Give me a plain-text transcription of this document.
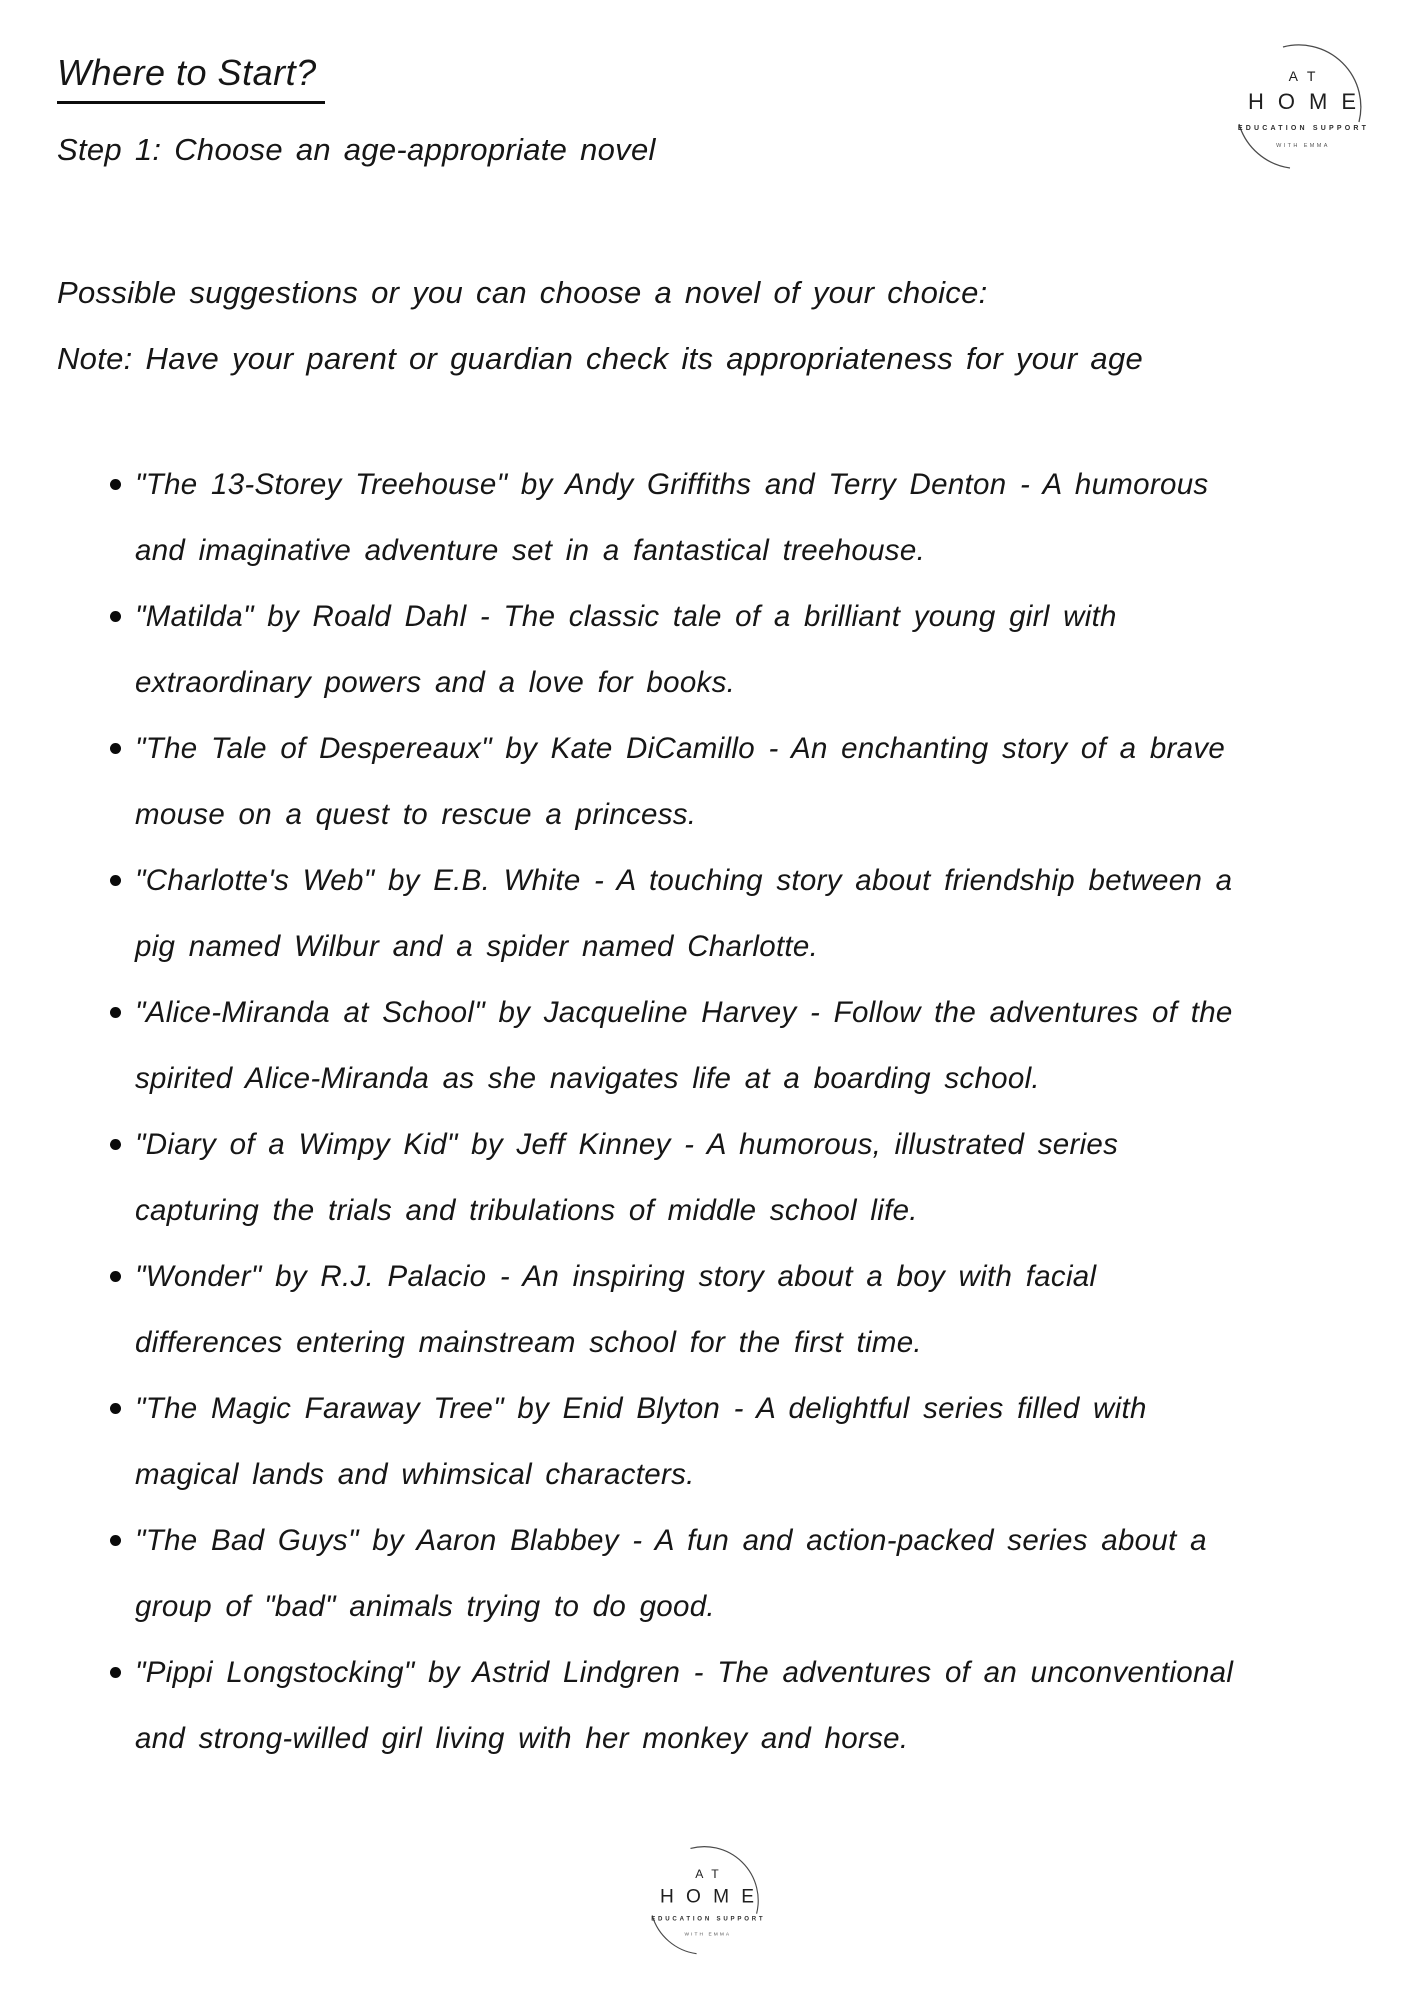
AT
HOME
EDUCATION SUPPORT
WITH EMMA
Where to Start?
Step 1: Choose an age-appropriate novel
Possible suggestions or you can choose a novel of your choice:
Note: Have your parent or guardian check its appropriateness for your age
"The 13-Storey Treehouse" by Andy Griffiths and Terry Denton - A humorous
and imaginative adventure set in a fantastical treehouse.
"Matilda" by Roald Dahl - The classic tale of a brilliant young girl with
extraordinary powers and a love for books.
"The Tale of Despereaux" by Kate DiCamillo - An enchanting story of a brave
mouse on a quest to rescue a princess.
"Charlotte's Web" by E.B. White - A touching story about friendship between a
pig named Wilbur and a spider named Charlotte.
"Alice-Miranda at School" by Jacqueline Harvey - Follow the adventures of the
spirited Alice-Miranda as she navigates life at a boarding school.
"Diary of a Wimpy Kid" by Jeff Kinney - A humorous, illustrated series
capturing the trials and tribulations of middle school life.
"Wonder" by R.J. Palacio - An inspiring story about a boy with facial
differences entering mainstream school for the first time.
"The Magic Faraway Tree" by Enid Blyton - A delightful series filled with
magical lands and whimsical characters.
"The Bad Guys" by Aaron Blabbey - A fun and action-packed series about a
group of "bad" animals trying to do good.
"Pippi Longstocking" by Astrid Lindgren - The adventures of an unconventional
and strong-willed girl living with her monkey and horse.
AT
HOME
EDUCATION SUPPORT
WITH EMMA
